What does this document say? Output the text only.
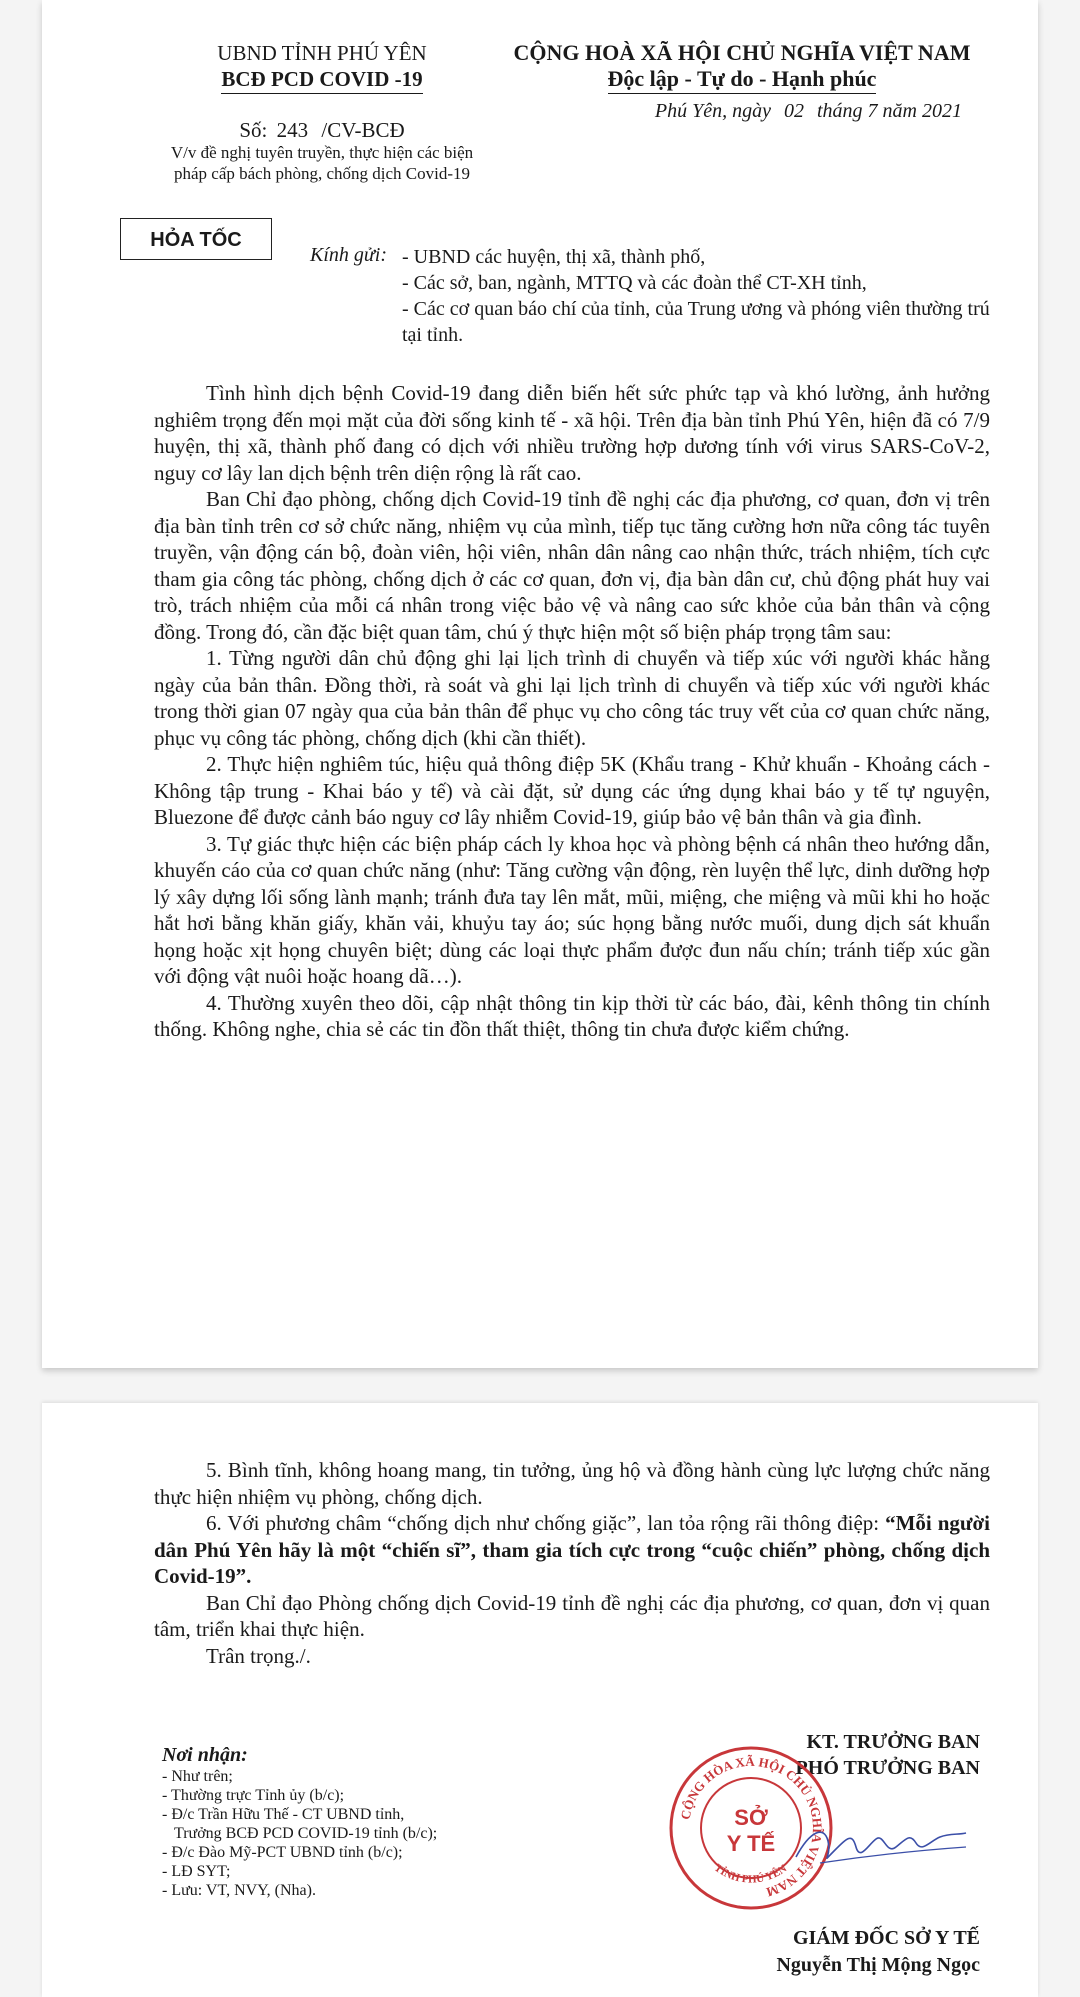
UBND TỈNH PHÚ YÊN
BCĐ PCD COVID -19
CỘNG HOÀ XÃ HỘI CHỦ NGHĨA VIỆT NAM
Độc lập - Tự do - Hạnh phúc
Phú Yên, ngày 02 tháng 7 năm 2021
Số: 243 /CV-BCĐ
V/v đề nghị tuyên truyền, thực hiện các biện pháp cấp bách phòng, chống dịch Covid-19
HỎA TỐC
Kính gửi: - UBND các huyện, thị xã, thành phố,
- Các sở, ban, ngành, MTTQ và các đoàn thể CT-XH tỉnh,
- Các cơ quan báo chí của tỉnh, của Trung ương và phóng viên thường trú tại tỉnh.

Tình hình dịch bệnh Covid-19 đang diễn biến hết sức phức tạp và khó lường, ảnh hưởng nghiêm trọng đến mọi mặt của đời sống kinh tế - xã hội. Trên địa bàn tỉnh Phú Yên, hiện đã có 7/9 huyện, thị xã, thành phố đang có dịch với nhiều trường hợp dương tính với virus SARS-CoV-2, nguy cơ lây lan dịch bệnh trên diện rộng là rất cao.

Ban Chỉ đạo phòng, chống dịch Covid-19 tỉnh đề nghị các địa phương, cơ quan, đơn vị trên địa bàn tỉnh trên cơ sở chức năng, nhiệm vụ của mình, tiếp tục tăng cường hơn nữa công tác tuyên truyền, vận động cán bộ, đoàn viên, hội viên, nhân dân nâng cao nhận thức, trách nhiệm, tích cực tham gia công tác phòng, chống dịch ở các cơ quan, đơn vị, địa bàn dân cư, chủ động phát huy vai trò, trách nhiệm của mỗi cá nhân trong việc bảo vệ và nâng cao sức khỏe của bản thân và cộng đồng. Trong đó, cần đặc biệt quan tâm, chú ý thực hiện một số biện pháp trọng tâm sau:

1. Từng người dân chủ động ghi lại lịch trình di chuyển và tiếp xúc với người khác hằng ngày của bản thân. Đồng thời, rà soát và ghi lại lịch trình di chuyển và tiếp xúc với người khác trong thời gian 07 ngày qua của bản thân để phục vụ cho công tác truy vết của cơ quan chức năng, phục vụ công tác phòng, chống dịch (khi cần thiết).

2. Thực hiện nghiêm túc, hiệu quả thông điệp 5K (Khẩu trang - Khử khuẩn - Khoảng cách - Không tập trung - Khai báo y tế) và cài đặt, sử dụng các ứng dụng khai báo y tế tự nguyện, Bluezone để được cảnh báo nguy cơ lây nhiễm Covid-19, giúp bảo vệ bản thân và gia đình.

3. Tự giác thực hiện các biện pháp cách ly khoa học và phòng bệnh cá nhân theo hướng dẫn, khuyến cáo của cơ quan chức năng (như: Tăng cường vận động, rèn luyện thể lực, dinh dưỡng hợp lý xây dựng lối sống lành mạnh; tránh đưa tay lên mắt, mũi, miệng, che miệng và mũi khi ho hoặc hắt hơi bằng khăn giấy, khăn vải, khuỷu tay áo; súc họng bằng nước muối, dung dịch sát khuẩn họng hoặc xịt họng chuyên biệt; dùng các loại thực phẩm được đun nấu chín; tránh tiếp xúc gần với động vật nuôi hoặc hoang dã…).

4. Thường xuyên theo dõi, cập nhật thông tin kịp thời từ các báo, đài, kênh thông tin chính thống. Không nghe, chia sẻ các tin đồn thất thiệt, thông tin chưa được kiểm chứng.

5. Bình tĩnh, không hoang mang, tin tưởng, ủng hộ và đồng hành cùng lực lượng chức năng thực hiện nhiệm vụ phòng, chống dịch.

6. Với phương châm “chống dịch như chống giặc”, lan tỏa rộng rãi thông điệp: “Mỗi người dân Phú Yên hãy là một “chiến sĩ”, tham gia tích cực trong “cuộc chiến” phòng, chống dịch Covid-19”.

Ban Chỉ đạo Phòng chống dịch Covid-19 tỉnh đề nghị các địa phương, cơ quan, đơn vị quan tâm, triển khai thực hiện.

Trân trọng./.

Nơi nhận:
- Như trên;
- Thường trực Tỉnh ủy (b/c);
- Đ/c Trần Hữu Thế - CT UBND tỉnh,
Trưởng BCĐ PCD COVID-19 tỉnh (b/c);
- Đ/c Đào Mỹ-PCT UBND tỉnh (b/c);
- LĐ SYT;
- Lưu: VT, NVY, (Nha).
KT. TRƯỞNG BAN
PHÓ TRƯỞNG BAN
CỘNG HÒA XÃ HỘI CHỦ NGHĨA VIỆT NAM
SỞ
Y TẾ
TỈNH PHÚ YÊN
GIÁM ĐỐC SỞ Y TẾ
Nguyễn Thị Mộng Ngọc
